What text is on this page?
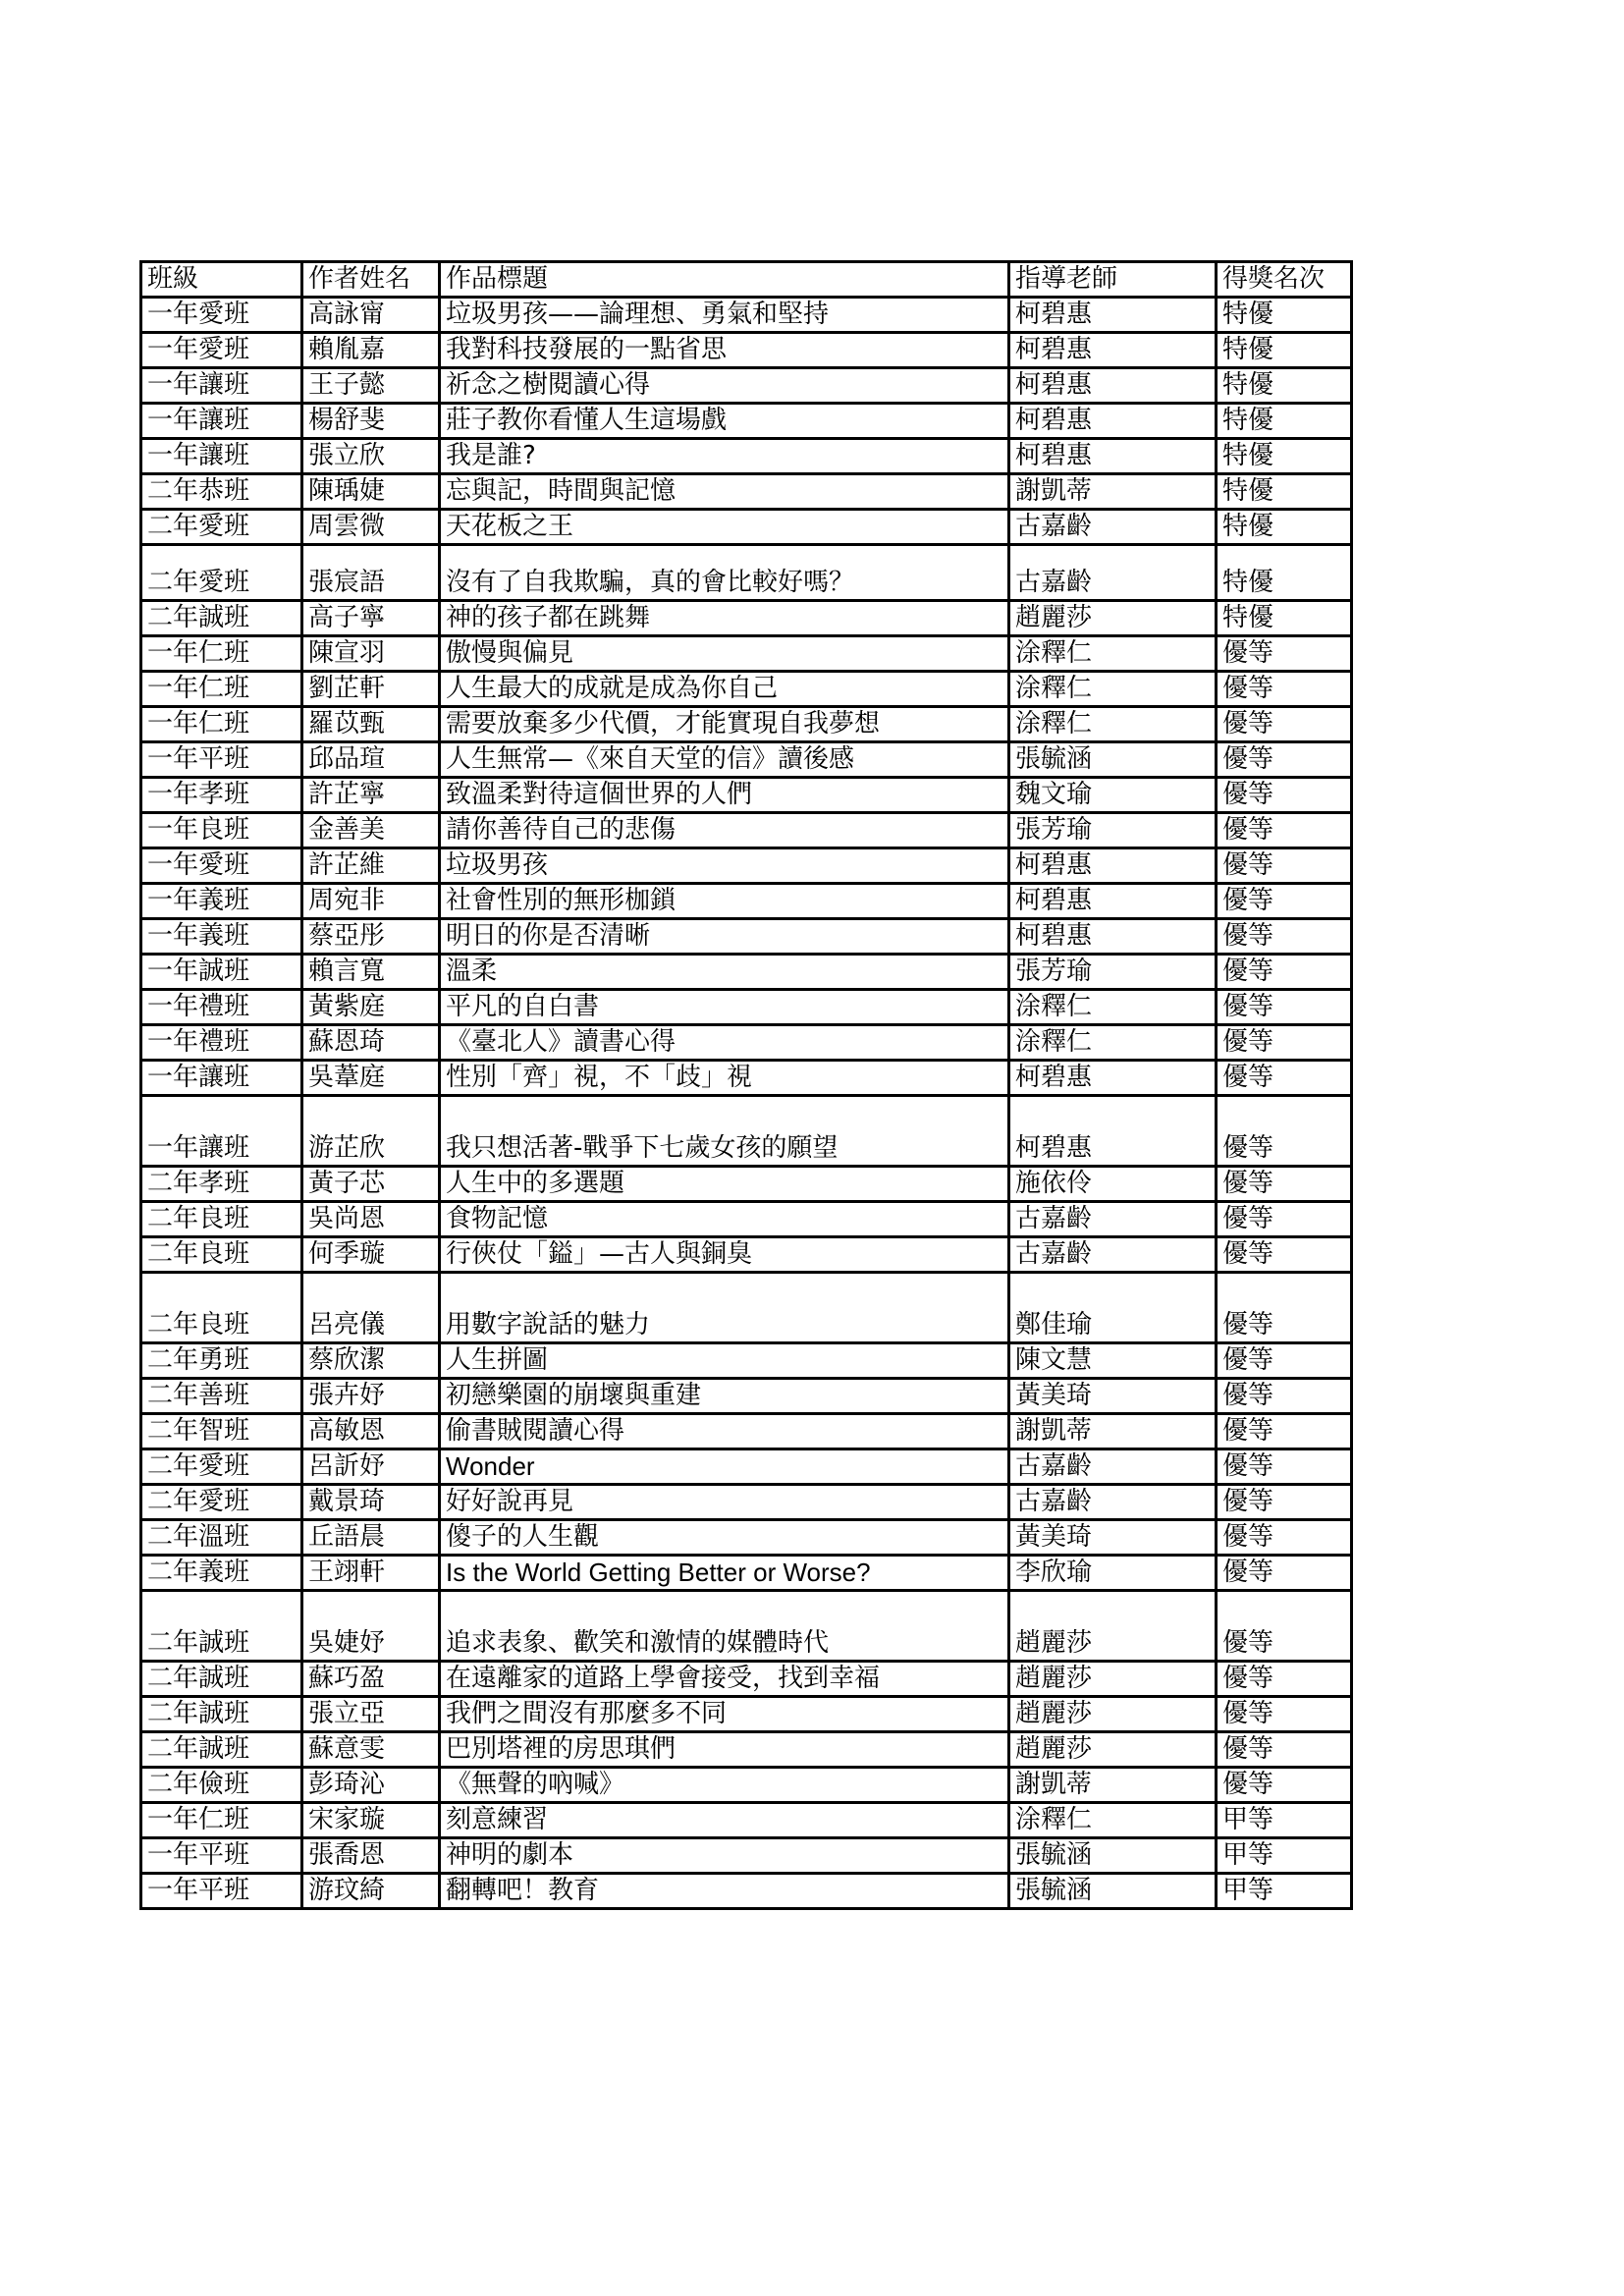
班級	作者姓名	作品標題	指導老師	得獎名次
一年愛班	高詠甯	垃圾男孩——論理想、勇氣和堅持	柯碧惠	特優
一年愛班	賴胤嘉	我對科技發展的一點省思	柯碧惠	特優
一年讓班	王子懿	祈念之樹閱讀心得	柯碧惠	特優
一年讓班	楊舒斐	莊子教你看懂人生這場戲	柯碧惠	特優
一年讓班	張立欣	我是誰?	柯碧惠	特優
二年恭班	陳瑀婕	忘與記，時間與記憶	謝凱蒂	特優
二年愛班	周雲微	天花板之王	古嘉齡	特優
二年愛班	張宸語	沒有了自我欺騙，真的會比較好嗎？	古嘉齡	特優
二年誠班	高子寧	神的孩子都在跳舞	趙麗莎	特優
一年仁班	陳宣羽	傲慢與偏見	涂釋仁	優等
一年仁班	劉芷軒	人生最大的成就是成為你自己	涂釋仁	優等
一年仁班	羅苡甄	需要放棄多少代價，才能實現自我夢想	涂釋仁	優等
一年平班	邱品瑄	人生無常—《來自天堂的信》讀後感	張毓涵	優等
一年孝班	許芷寧	致溫柔對待這個世界的人們	魏文瑜	優等
一年良班	金善美	請你善待自己的悲傷	張芳瑜	優等
一年愛班	許芷維	垃圾男孩	柯碧惠	優等
一年義班	周宛非	社會性別的無形枷鎖	柯碧惠	優等
一年義班	蔡亞彤	明日的你是否清晰	柯碧惠	優等
一年誠班	賴言寬	溫柔	張芳瑜	優等
一年禮班	黃紫庭	平凡的自白書	涂釋仁	優等
一年禮班	蘇恩琦	《臺北人》讀書心得	涂釋仁	優等
一年讓班	吳葦庭	性別「齊」視，不「歧」視	柯碧惠	優等
一年讓班	游芷欣	我只想活著-戰爭下七歲女孩的願望	柯碧惠	優等
二年孝班	黃子芯	人生中的多選題	施依伶	優等
二年良班	吳尚恩	食物記憶	古嘉齡	優等
二年良班	何季璇	行俠仗「鎰」—古人與銅臭	古嘉齡	優等
二年良班	呂亮儀	用數字說話的魅力	鄭佳瑜	優等
二年勇班	蔡欣潔	人生拼圖	陳文慧	優等
二年善班	張卉妤	初戀樂園的崩壞與重建	黃美琦	優等
二年智班	高敏恩	偷書賊閱讀心得	謝凱蒂	優等
二年愛班	呂訢妤	Wonder	古嘉齡	優等
二年愛班	戴景琦	好好說再見	古嘉齡	優等
二年溫班	丘語晨	傻子的人生觀	黃美琦	優等
二年義班	王翊軒	Is the World Getting Better or Worse?	李欣瑜	優等
二年誠班	吳婕妤	追求表象、歡笑和激情的媒體時代	趙麗莎	優等
二年誠班	蘇巧盈	在遠離家的道路上學會接受，找到幸福	趙麗莎	優等
二年誠班	張立亞	我們之間沒有那麼多不同	趙麗莎	優等
二年誠班	蘇意雯	巴別塔裡的房思琪們	趙麗莎	優等
二年儉班	彭琦沁	《無聲的吶喊》	謝凱蒂	優等
一年仁班	宋家璇	刻意練習	涂釋仁	甲等
一年平班	張喬恩	神明的劇本	張毓涵	甲等
一年平班	游玟綺	翻轉吧！教育	張毓涵	甲等
